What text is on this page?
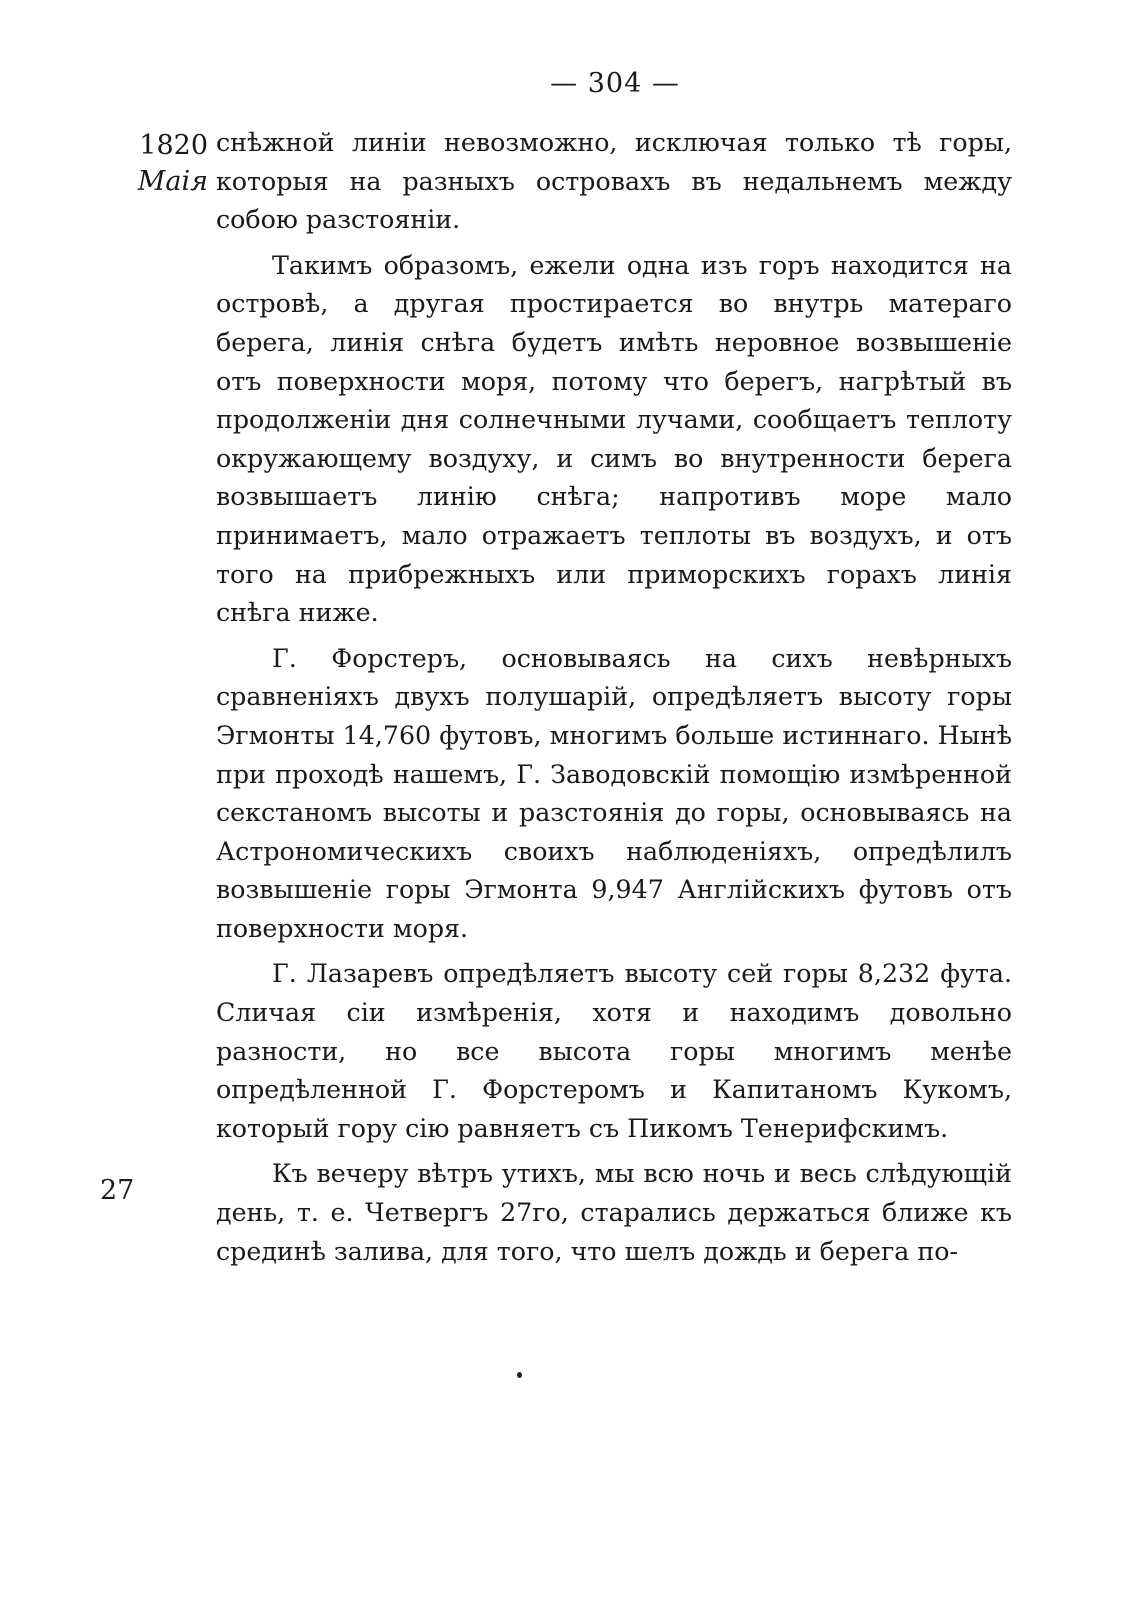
— 304 —
1820
Маія
27

снѣжной линіи невозможно, исключая только тѣ горы, которыя на разныхъ островахъ въ недальнемъ между собою разстояніи.

Такимъ образомъ, ежели одна изъ горъ находится на островѣ, а другая простирается во внутрь матераго берега, линія снѣга будетъ имѣть неровное возвышеніе отъ поверхности моря, потому что берегъ, нагрѣтый въ продолженіи дня солнечными лучами, сообщаетъ теплоту окружающему воздуху, и симъ во внутренности берега возвышаетъ линію снѣга; напротивъ море мало принимаетъ, мало отражаетъ теплоты въ воздухъ, и отъ того на прибрежныхъ или приморскихъ горахъ линія снѣга ниже.

Г. Форстеръ, основываясь на сихъ невѣрныхъ сравненіяхъ двухъ полушарій, опредѣляетъ высоту горы Эгмонты 14,760 футовъ, многимъ больше истиннаго. Нынѣ при проходѣ нашемъ, Г. Заводовскій помощію измѣренной секстаномъ высоты и разстоянія до горы, основываясь на Астрономическихъ своихъ наблюденіяхъ, опредѣлилъ возвышеніе горы Эгмонта 9,947 Англійскихъ футовъ отъ поверхности моря.

Г. Лазаревъ опредѣляетъ высоту сей горы 8,232 фута. Сличая сіи измѣренія, хотя и находимъ довольно разности, но все высота горы многимъ менѣе опредѣленной Г. Форстеромъ и Капитаномъ Кукомъ, который гору сію равняетъ съ Пикомъ Тенерифскимъ.

Къ вечеру вѣтръ утихъ, мы всю ночь и весь слѣдующій день, т. е. Четвергъ 27го, старались держаться ближе къ срединѣ залива, для того, что шелъ дождь и берега по-
